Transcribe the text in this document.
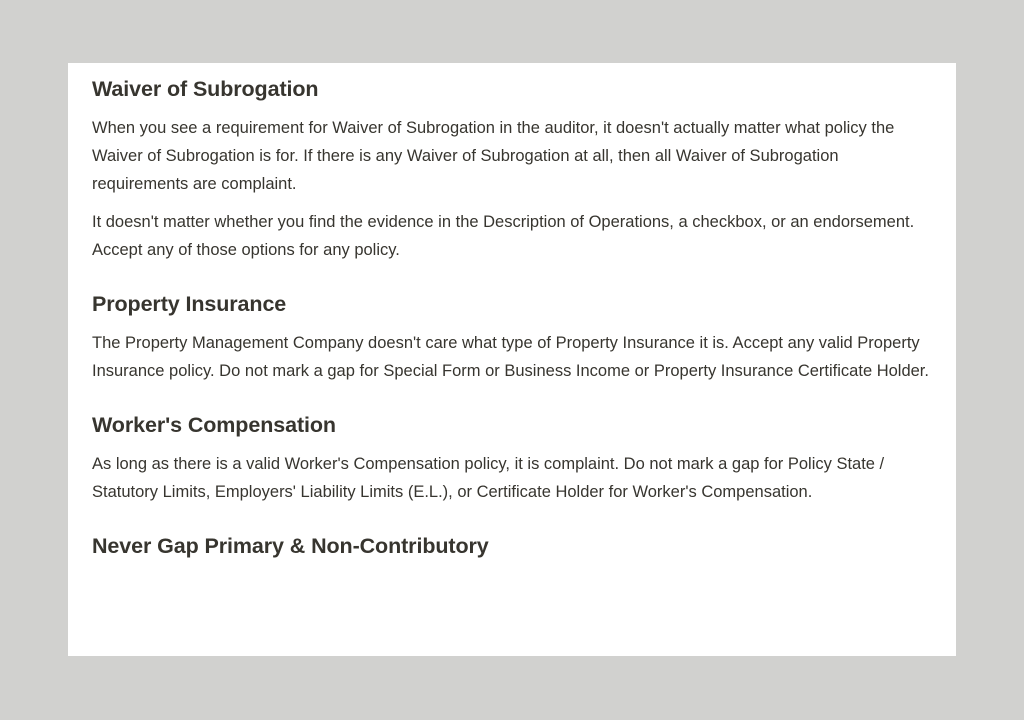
Waiver of Subrogation
When you see a requirement for Waiver of Subrogation in the auditor, it doesn't actually matter what policy the Waiver of Subrogation is for. If there is any Waiver of Subrogation at all, then all Waiver of Subrogation requirements are complaint.
It doesn't matter whether you find the evidence in the Description of Operations, a checkbox, or an endorsement. Accept any of those options for any policy.
Property Insurance
The Property Management Company doesn't care what type of Property Insurance it is. Accept any valid Property Insurance policy. Do not mark a gap for Special Form or Business Income or Property Insurance Certificate Holder.
Worker's Compensation
As long as there is a valid Worker's Compensation policy, it is complaint. Do not mark a gap for Policy State / Statutory Limits, Employers' Liability Limits (E.L.), or Certificate Holder for Worker's Compensation.
Never Gap Primary & Non-Contributory
